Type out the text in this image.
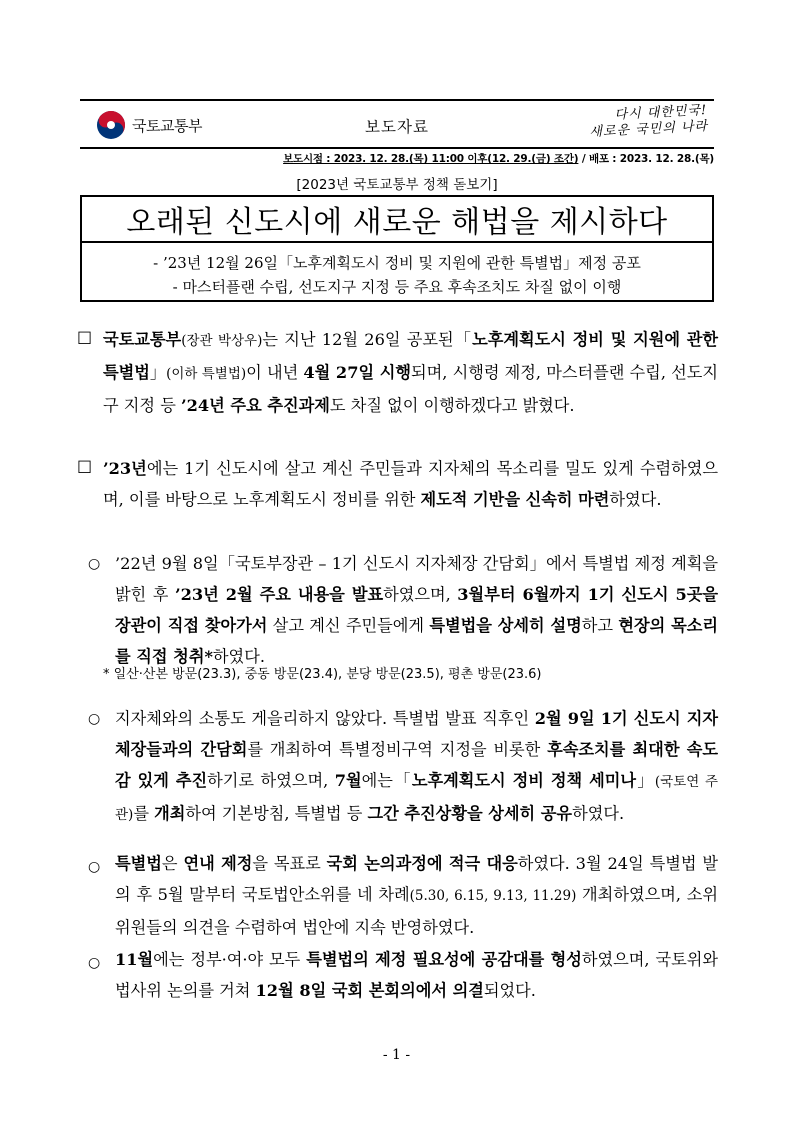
국토교통부	보도자료
다시 대한민국!
새로운 국민의 나라
보도시점 : 2023. 12. 28.(목) 11:00 이후(12. 29.(금) 조간) / 배포 : 2023. 12. 28.(목)
[2023년 국토교통부 정책 돋보기]
오래된 신도시에 새로운 해법을 제시하다
- ’23년 12월 26일「노후계획도시 정비 및 지원에 관한 특별법」제정 공포
- 마스터플랜 수립, 선도지구 지정 등 주요 후속조치도 차질 없이 이행
□ 국토교통부(장관 박상우)는 지난 12월 26일 공포된「노후계획도시 정비 및 지원에 관한 특별법」(이하 특별법)이 내년 4월 27일 시행되며, 시행령 제정, 마스터플랜 수립, 선도지구 지정 등 ’24년 주요 추진과제도 차질 없이 이행하겠다고 밝혔다.
□ ’23년에는 1기 신도시에 살고 계신 주민들과 지자체의 목소리를 밀도 있게 수렴하였으며, 이를 바탕으로 노후계획도시 정비를 위한 제도적 기반을 신속히 마련하였다.
○ ’22년 9월 8일「국토부장관 – 1기 신도시 지자체장 간담회」에서 특별법 제정 계획을 밝힌 후 ’23년 2월 주요 내용을 발표하였으며, 3월부터 6월까지 1기 신도시 5곳을 장관이 직접 찾아가서 살고 계신 주민들에게 특별법을 상세히 설명하고 현장의 목소리를 직접 청취*하였다.
* 일산·산본 방문(23.3), 중동 방문(23.4), 분당 방문(23.5), 평촌 방문(23.6)
○ 지자체와의 소통도 게을리하지 않았다. 특별법 발표 직후인 2월 9일 1기 신도시 지자체장들과의 간담회를 개최하여 특별정비구역 지정을 비롯한 후속조치를 최대한 속도감 있게 추진하기로 하였으며, 7월에는「노후계획도시 정비 정책 세미나」(국토연 주관)를 개최하여 기본방침, 특별법 등 그간 추진상황을 상세히 공유하였다.
○ 특별법은 연내 제정을 목표로 국회 논의과정에 적극 대응하였다. 3월 24일 특별법 발의 후 5월 말부터 국토법안소위를 네 차례(5.30, 6.15, 9.13, 11.29) 개최하였으며, 소위위원들의 의견을 수렴하여 법안에 지속 반영하였다.
○ 11월에는 정부·여·야 모두 특별법의 제정 필요성에 공감대를 형성하였으며, 국토위와 법사위 논의를 거쳐 12월 8일 국회 본회의에서 의결되었다.
- 1 -
